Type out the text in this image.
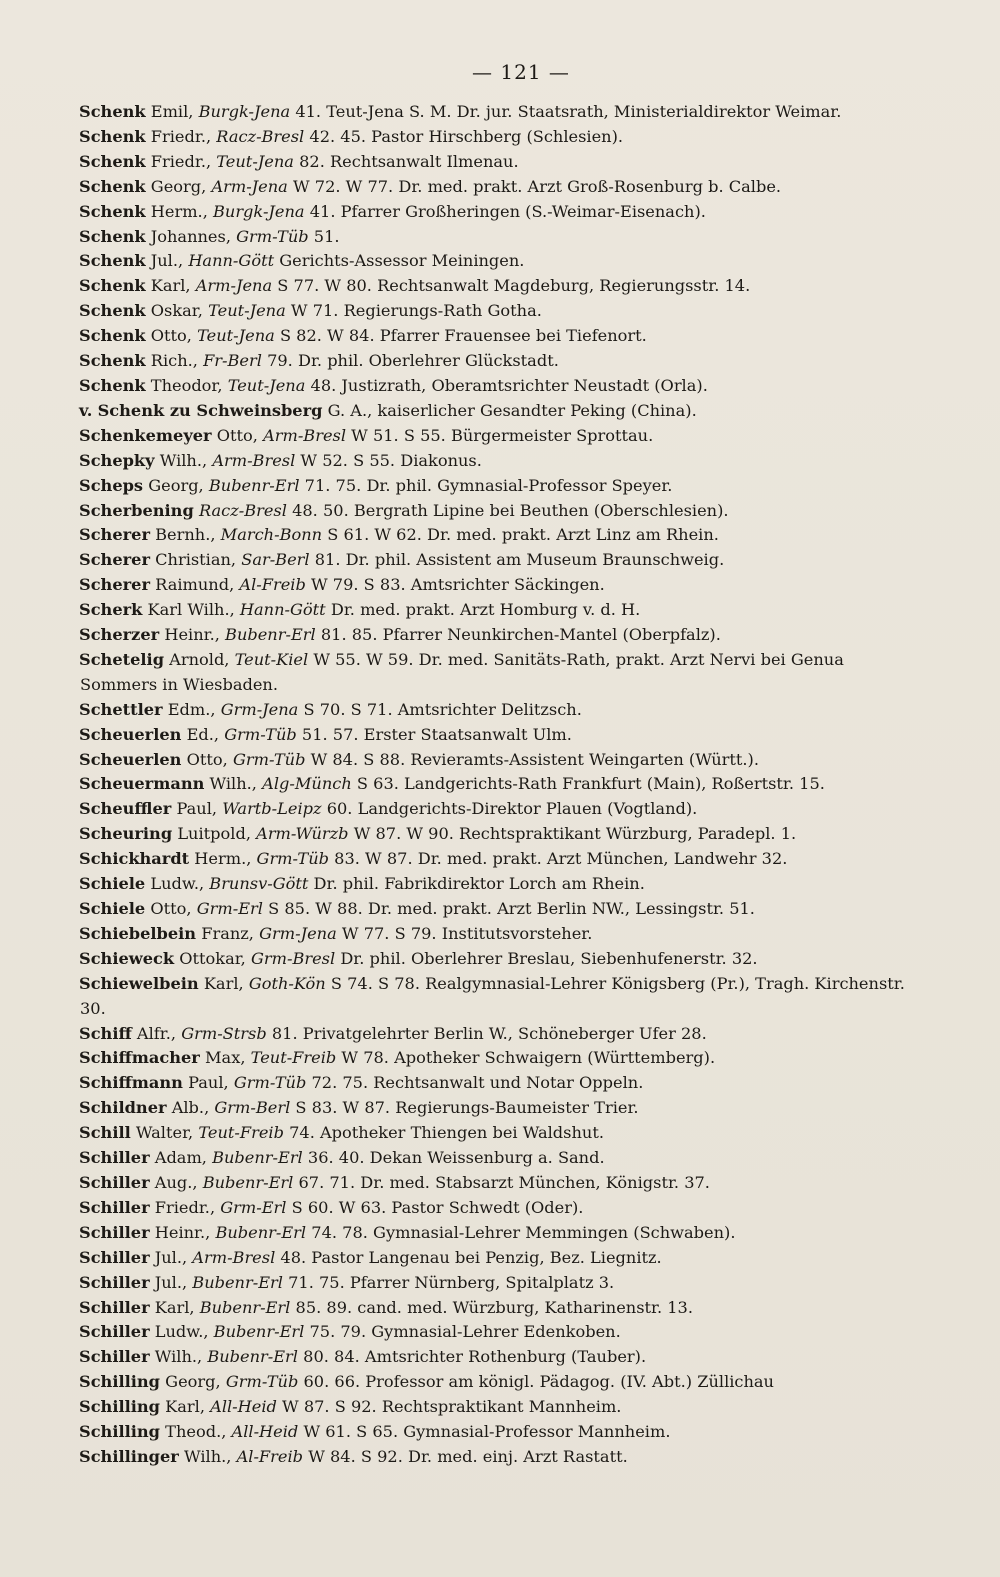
— 121 —
Schenk Emil, Burgk-Jena 41. Teut-Jena S. M. Dr. jur. Staatsrath, Ministerialdirektor Weimar.
Schenk Friedr., Racz-Bresl 42. 45. Pastor Hirschberg (Schlesien).
Schenk Friedr., Teut-Jena 82. Rechtsanwalt Ilmenau.
Schenk Georg, Arm-Jena W 72. W 77. Dr. med. prakt. Arzt Groß-Rosenburg b. Calbe.
Schenk Herm., Burgk-Jena 41. Pfarrer Großheringen (S.-Weimar-Eisenach).
Schenk Johannes, Grm-Tüb 51.
Schenk Jul., Hann-Gött Gerichts-Assessor Meiningen.
Schenk Karl, Arm-Jena S 77. W 80. Rechtsanwalt Magdeburg, Regierungsstr. 14.
Schenk Oskar, Teut-Jena W 71. Regierungs-Rath Gotha.
Schenk Otto, Teut-Jena S 82. W 84. Pfarrer Frauensee bei Tiefenort.
Schenk Rich., Fr-Berl 79. Dr. phil. Oberlehrer Glückstadt.
Schenk Theodor, Teut-Jena 48. Justizrath, Oberamtsrichter Neustadt (Orla).
v. Schenk zu Schweinsberg G. A., kaiserlicher Gesandter Peking (China).
Schenkemeyer Otto, Arm-Bresl W 51. S 55. Bürgermeister Sprottau.
Schepky Wilh., Arm-Bresl W 52. S 55. Diakonus.
Scheps Georg, Bubenr-Erl 71. 75. Dr. phil. Gymnasial-Professor Speyer.
Scherbening Racz-Bresl 48. 50. Bergrath Lipine bei Beuthen (Oberschlesien).
Scherer Bernh., March-Bonn S 61. W 62. Dr. med. prakt. Arzt Linz am Rhein.
Scherer Christian, Sar-Berl 81. Dr. phil. Assistent am Museum Braunschweig.
Scherer Raimund, Al-Freib W 79. S 83. Amtsrichter Säckingen.
Scherk Karl Wilh., Hann-Gött Dr. med. prakt. Arzt Homburg v. d. H.
Scherzer Heinr., Bubenr-Erl 81. 85. Pfarrer Neunkirchen-Mantel (Oberpfalz).
Schetelig Arnold, Teut-Kiel W 55. W 59. Dr. med. Sanitäts-Rath, prakt. Arzt Nervi bei Genua Sommers in Wiesbaden.
Schettler Edm., Grm-Jena S 70. S 71. Amtsrichter Delitzsch.
Scheuerlen Ed., Grm-Tüb 51. 57. Erster Staatsanwalt Ulm.
Scheuerlen Otto, Grm-Tüb W 84. S 88. Revieramts-Assistent Weingarten (Württ.).
Scheuermann Wilh., Alg-Münch S 63. Landgerichts-Rath Frankfurt (Main), Roßertstr. 15.
Scheuffler Paul, Wartb-Leipz 60. Landgerichts-Direktor Plauen (Vogtland).
Scheuring Luitpold, Arm-Würzb W 87. W 90. Rechtspraktikant Würzburg, Paradepl. 1.
Schickhardt Herm., Grm-Tüb 83. W 87. Dr. med. prakt. Arzt München, Landwehr 32.
Schiele Ludw., Brunsv-Gött Dr. phil. Fabrikdirektor Lorch am Rhein.
Schiele Otto, Grm-Erl S 85. W 88. Dr. med. prakt. Arzt Berlin NW., Lessingstr. 51.
Schiebelbein Franz, Grm-Jena W 77. S 79. Institutsvorsteher.
Schieweck Ottokar, Grm-Bresl Dr. phil. Oberlehrer Breslau, Siebenhufenerstr. 32.
Schiewelbein Karl, Goth-Kön S 74. S 78. Realgymnasial-Lehrer Königsberg (Pr.), Tragh. Kirchenstr. 30.
Schiff Alfr., Grm-Strsb 81. Privatgelehrter Berlin W., Schöneberger Ufer 28.
Schiffmacher Max, Teut-Freib W 78. Apotheker Schwaigern (Württemberg).
Schiffmann Paul, Grm-Tüb 72. 75. Rechtsanwalt und Notar Oppeln.
Schildner Alb., Grm-Berl S 83. W 87. Regierungs-Baumeister Trier.
Schill Walter, Teut-Freib 74. Apotheker Thiengen bei Waldshut.
Schiller Adam, Bubenr-Erl 36. 40. Dekan Weissenburg a. Sand.
Schiller Aug., Bubenr-Erl 67. 71. Dr. med. Stabsarzt München, Königstr. 37.
Schiller Friedr., Grm-Erl S 60. W 63. Pastor Schwedt (Oder).
Schiller Heinr., Bubenr-Erl 74. 78. Gymnasial-Lehrer Memmingen (Schwaben).
Schiller Jul., Arm-Bresl 48. Pastor Langenau bei Penzig, Bez. Liegnitz.
Schiller Jul., Bubenr-Erl 71. 75. Pfarrer Nürnberg, Spitalplatz 3.
Schiller Karl, Bubenr-Erl 85. 89. cand. med. Würzburg, Katharinenstr. 13.
Schiller Ludw., Bubenr-Erl 75. 79. Gymnasial-Lehrer Edenkoben.
Schiller Wilh., Bubenr-Erl 80. 84. Amtsrichter Rothenburg (Tauber).
Schilling Georg, Grm-Tüb 60. 66. Professor am königl. Pädagog. (IV. Abt.) Züllichau
Schilling Karl, All-Heid W 87. S 92. Rechtspraktikant Mannheim.
Schilling Theod., All-Heid W 61. S 65. Gymnasial-Professor Mannheim.
Schillinger Wilh., Al-Freib W 84. S 92. Dr. med. einj. Arzt Rastatt.
